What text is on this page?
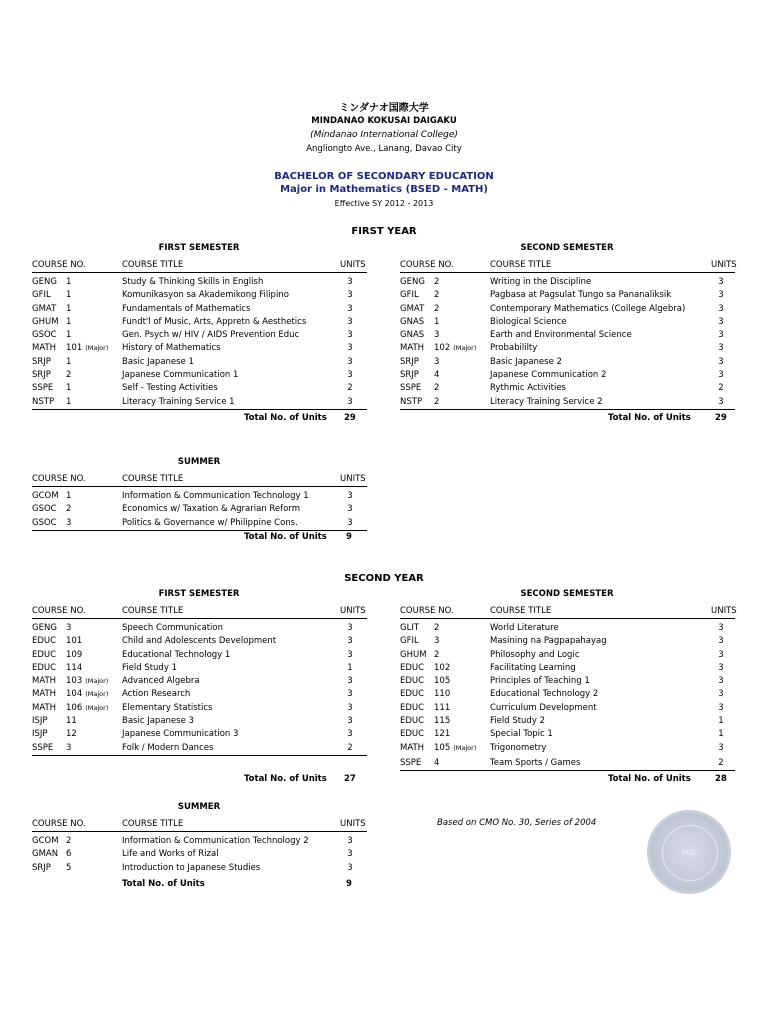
ミンダナオ国際大学
MINDANAO KOKUSAI DAIGAKU
(Mindanao International College)
Angliongto Ave., Lanang, Davao City
BACHELOR OF SECONDARY EDUCATION
Major in Mathematics (BSED - MATH)
Effective SY 2012 - 2013
FIRST YEAR
FIRST SEMESTER
COURSE NO.	COURSE TITLE	UNITS
GENG 1	Study & Thinking Skills in English	3
GFIL 1	Komunikasyon sa Akademikong Filipino	3
GMAT 1	Fundamentals of Mathematics	3
GHUM 1	Fundt'l of Music, Arts, Appretn & Aesthetics	3
GSOC 1	Gen. Psych w/ HIV / AIDS Prevention Educ	3
MATH 101 (Major) History of Mathematics	3
SRJP 1	Basic Japanese 1	3
SRJP 2	Japanese Communication 1	3
SSPE 1	Self - Testing Activities	2
NSTP 1	Literacy Training Service 1	3
Total No. of Units 29
SECOND SEMESTER
COURSE NO.	COURSE TITLE	UNITS
GENG 2	Writing in the Discipline	3
GFIL 2	Pagbasa at Pagsulat Tungo sa Pananaliksik	3
GMAT 2	Contemporary Mathematics (College Algebra)	3
GNAS 1	Biological Science	3
GNAS 3	Earth and Environmental Science	3
MATH 102 (Major) Probabililty	3
SRJP 3	Basic Japanese 2	3
SRJP 4	Japanese Communication 2	3
SSPE 2	Rythmic Activities	2
NSTP 2	Literacy Training Service 2	3
Total No. of Units	29
SUMMER
COURSE NO.	COURSE TITLE	UNITS
GCOM 1	Information & Communication Technology 1	3
GSOC 2	Economics w/ Taxation & Agrarian Reform	3
GSOC 3	Politics & Governance w/ Philippine Cons.	3
Total No. of Units 9
SECOND YEAR
FIRST SEMESTER
COURSE NO.	COURSE TITLE	UNITS
GENG 3	Speech Communication	3
EDUC 101	Child and Adolescents Development	3
EDUC 109	Educational Technology 1	3
EDUC 114	Field Study 1	1
MATH 103 (Major) Advanced Algebra	3
MATH 104 (Major) Action Research	3
MATH 106 (Major) Elementary Statistics	3
ISJP 11	Basic Japanese 3	3
ISJP 12	Japanese Communication 3	3
SSPE 3	Folk / Modern Dances	2
Total No. of Units 27
SECOND SEMESTER
COURSE NO.	COURSE TITLE	UNITS
GLIT 2	World Literature	3
GFIL 3	Masining na Pagpapahayag	3
GHUM 2	Philosophy and Logic	3
EDUC 102	Facilitating Learning	3
EDUC 105	Principles of Teaching 1	3
EDUC 110	Educational Technology 2	3
EDUC 111	Curriculum Development	3
EDUC 115	Field Study 2	1
EDUC 121	Special Topic 1	1
MATH 105 (Major) Trigonometry	3
SSPE 4	Team Sports / Games	2
Total No. of Units	28
SUMMER
COURSE NO.	COURSE TITLE	UNITS
GCOM 2	Information & Communication Technology 2	3
GMAN 6	Life and Works of Rizal	3
SRJP 5	Introduction to Japanese Studies	3
Total No. of Units	9
Based on CMO No. 30, Series of 2004
MIC
